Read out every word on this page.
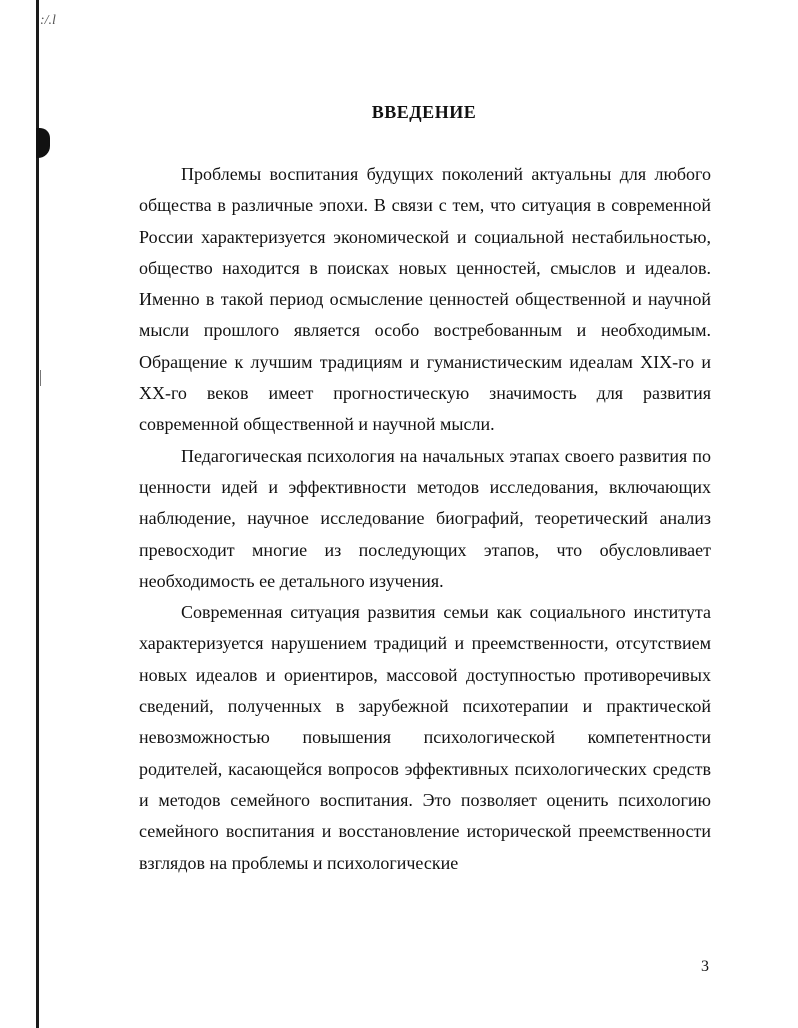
:/.l
ВВЕДЕНИЕ

Проблемы воспитания будущих поколений актуальны для любого общества в различные эпохи. В связи с тем, что ситуация в современной России характеризуется экономической и социальной нестабильностью, общество находится в поисках новых ценностей, смыслов и идеалов. Именно в такой период осмысление ценностей общественной и научной мысли прошлого является особо востребованным и необходимым. Обращение к лучшим традициям и гуманистическим идеалам XIX-го и XX-го веков имеет прогностическую значимость для развития современной общественной и научной мысли.

Педагогическая психология на начальных этапах своего развития по ценности идей и эффективности методов исследования, включающих наблюдение, научное исследование биографий, теоретический анализ превосходит многие из последующих этапов, что обусловливает необходимость ее детального изучения.

Современная ситуация развития семьи как социального института характеризуется нарушением традиций и преемственности, отсутствием новых идеалов и ориентиров, массовой доступностью противоречивых сведений, полученных в зарубежной психотерапии и практической невозможностью повышения психологической компетентности родителей, касающейся вопросов эффективных психологических средств и методов семейного воспитания. Это позволяет оценить психологию семейного воспитания и восстановление исторической преемственности взглядов на проблемы и психологические

3
